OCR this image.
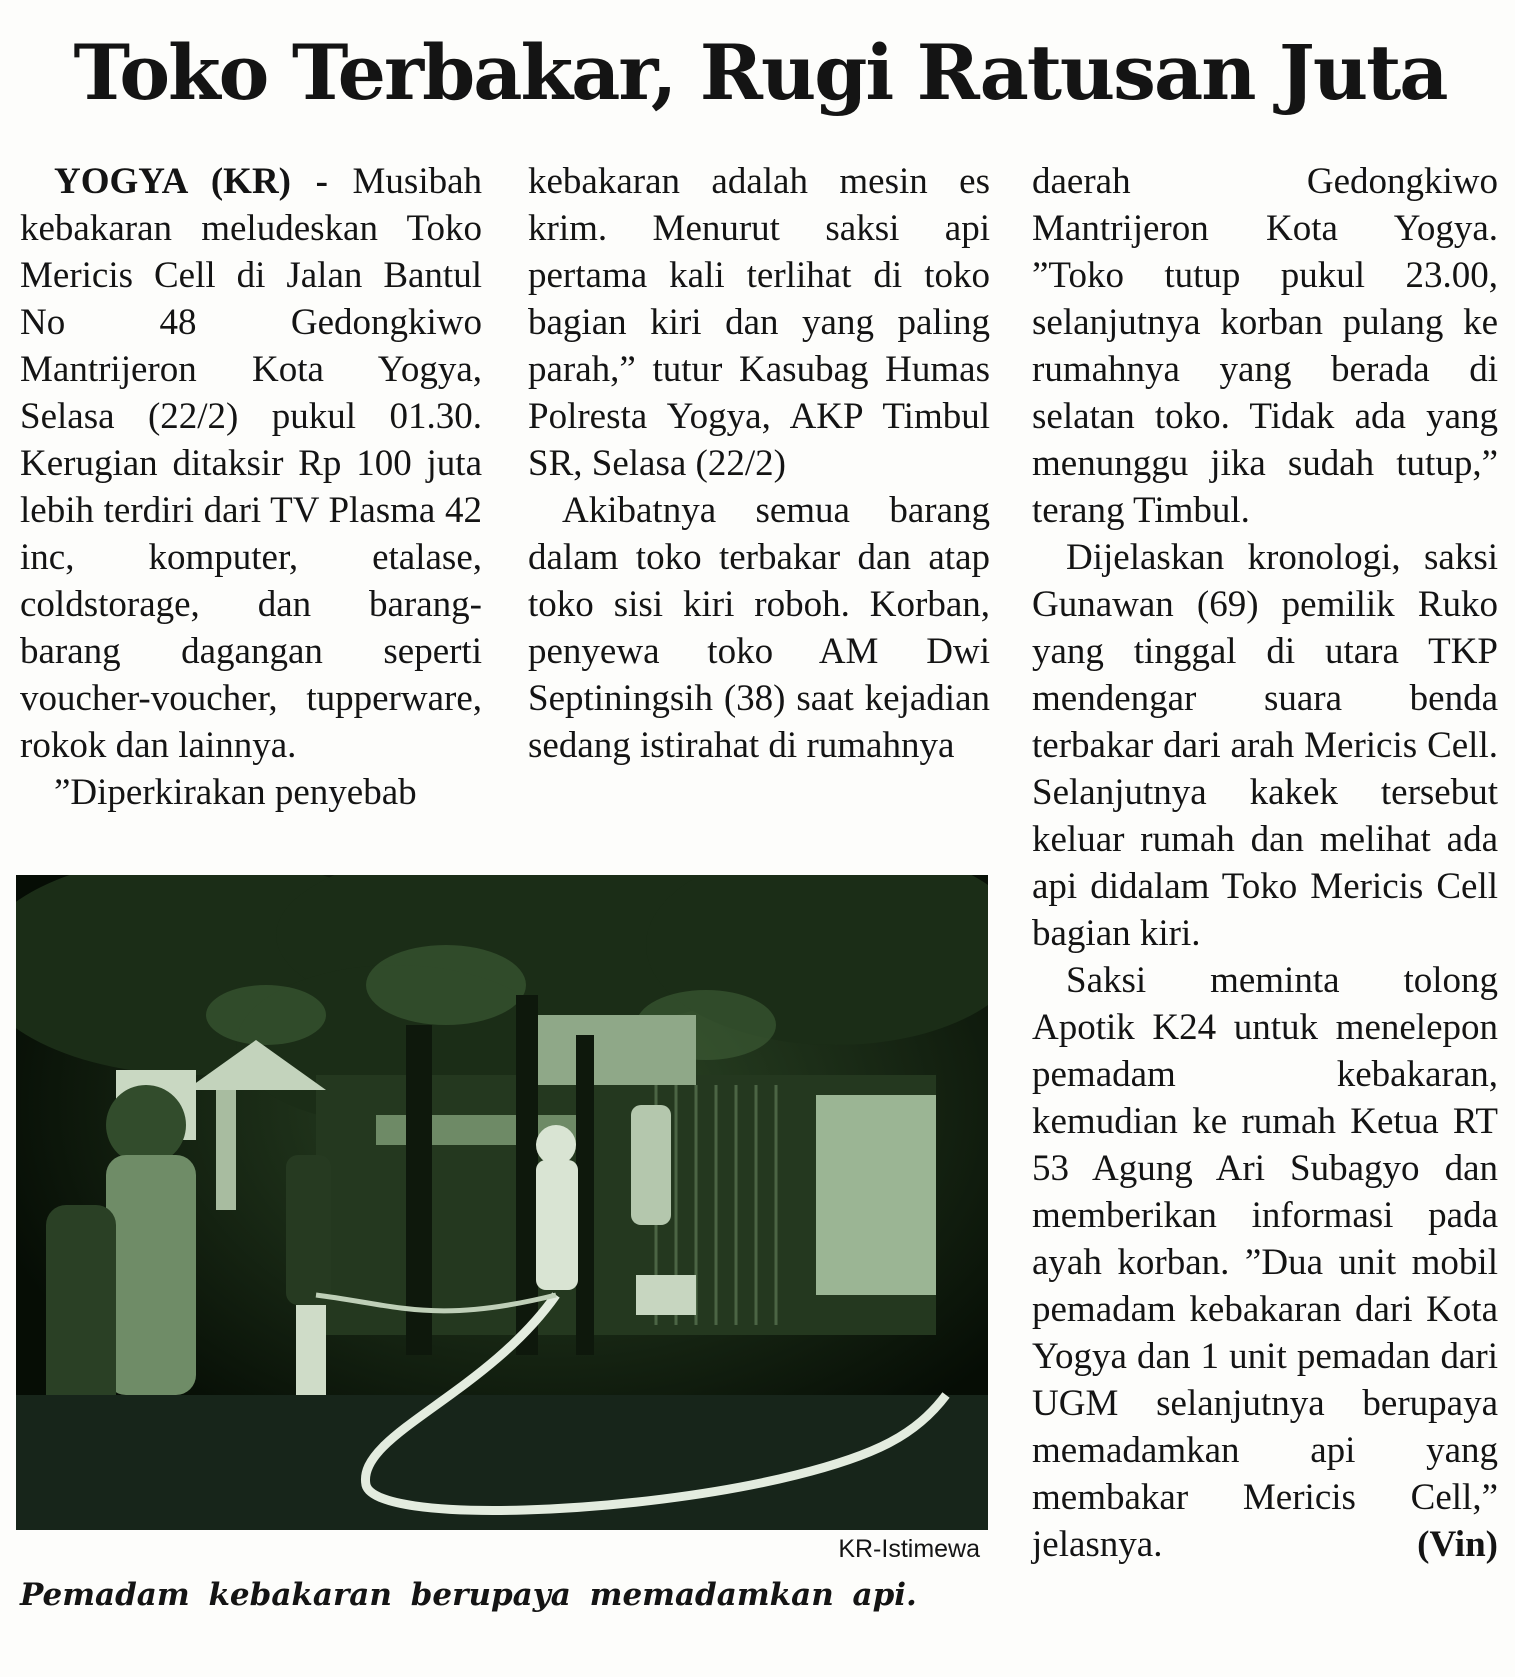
Toko Terbakar, Rugi Ratusan Juta

YOGYA (KR) - Musibah kebakaran meludeskan Toko Mericis Cell di Jalan Bantul No 48 Gedongkiwo Mantrijeron Kota Yogya, Selasa (22/2) pukul 01.30. Kerugian ditaksir Rp 100 juta lebih terdiri dari TV Plasma 42 inc, komputer, etalase, coldstorage, dan barang-barang dagangan seperti voucher-voucher, tupperware, rokok dan lainnya.

”Diperkirakan penyebab

kebakaran adalah mesin es krim. Menurut saksi api pertama kali terlihat di toko bagian kiri dan yang paling parah,” tutur Kasubag Humas Polresta Yogya, AKP Timbul SR, Selasa (22/2)

Akibatnya semua barang dalam toko terbakar dan atap toko sisi kiri roboh. Korban, penyewa toko AM Dwi Septiningsih (38) saat kejadian sedang istirahat di rumahnya

daerah Gedongkiwo Mantrijeron Kota Yogya. ”Toko tutup pukul 23.00, selanjutnya korban pulang ke rumahnya yang berada di selatan toko. Tidak ada yang menunggu jika sudah tutup,” terang Timbul.

Dijelaskan kronologi, saksi Gunawan (69) pemilik Ruko yang tinggal di utara TKP mendengar suara benda terbakar dari arah Mericis Cell. Selanjutnya kakek tersebut keluar rumah dan melihat ada api didalam Toko Mericis Cell bagian kiri.

Saksi meminta tolong Apotik K24 untuk menelepon pemadam kebakaran, kemudian ke rumah Ketua RT 53 Agung Ari Subagyo dan memberikan informasi pada ayah korban. ”Dua unit mobil pemadam kebakaran dari Kota Yogya dan 1 unit pemadan dari UGM selanjutnya berupaya memadamkan api yang membakar Mericis Cell,” jelasnya.	(Vin)

KR-Istimewa

Pemadam kebakaran berupaya memadamkan api.
